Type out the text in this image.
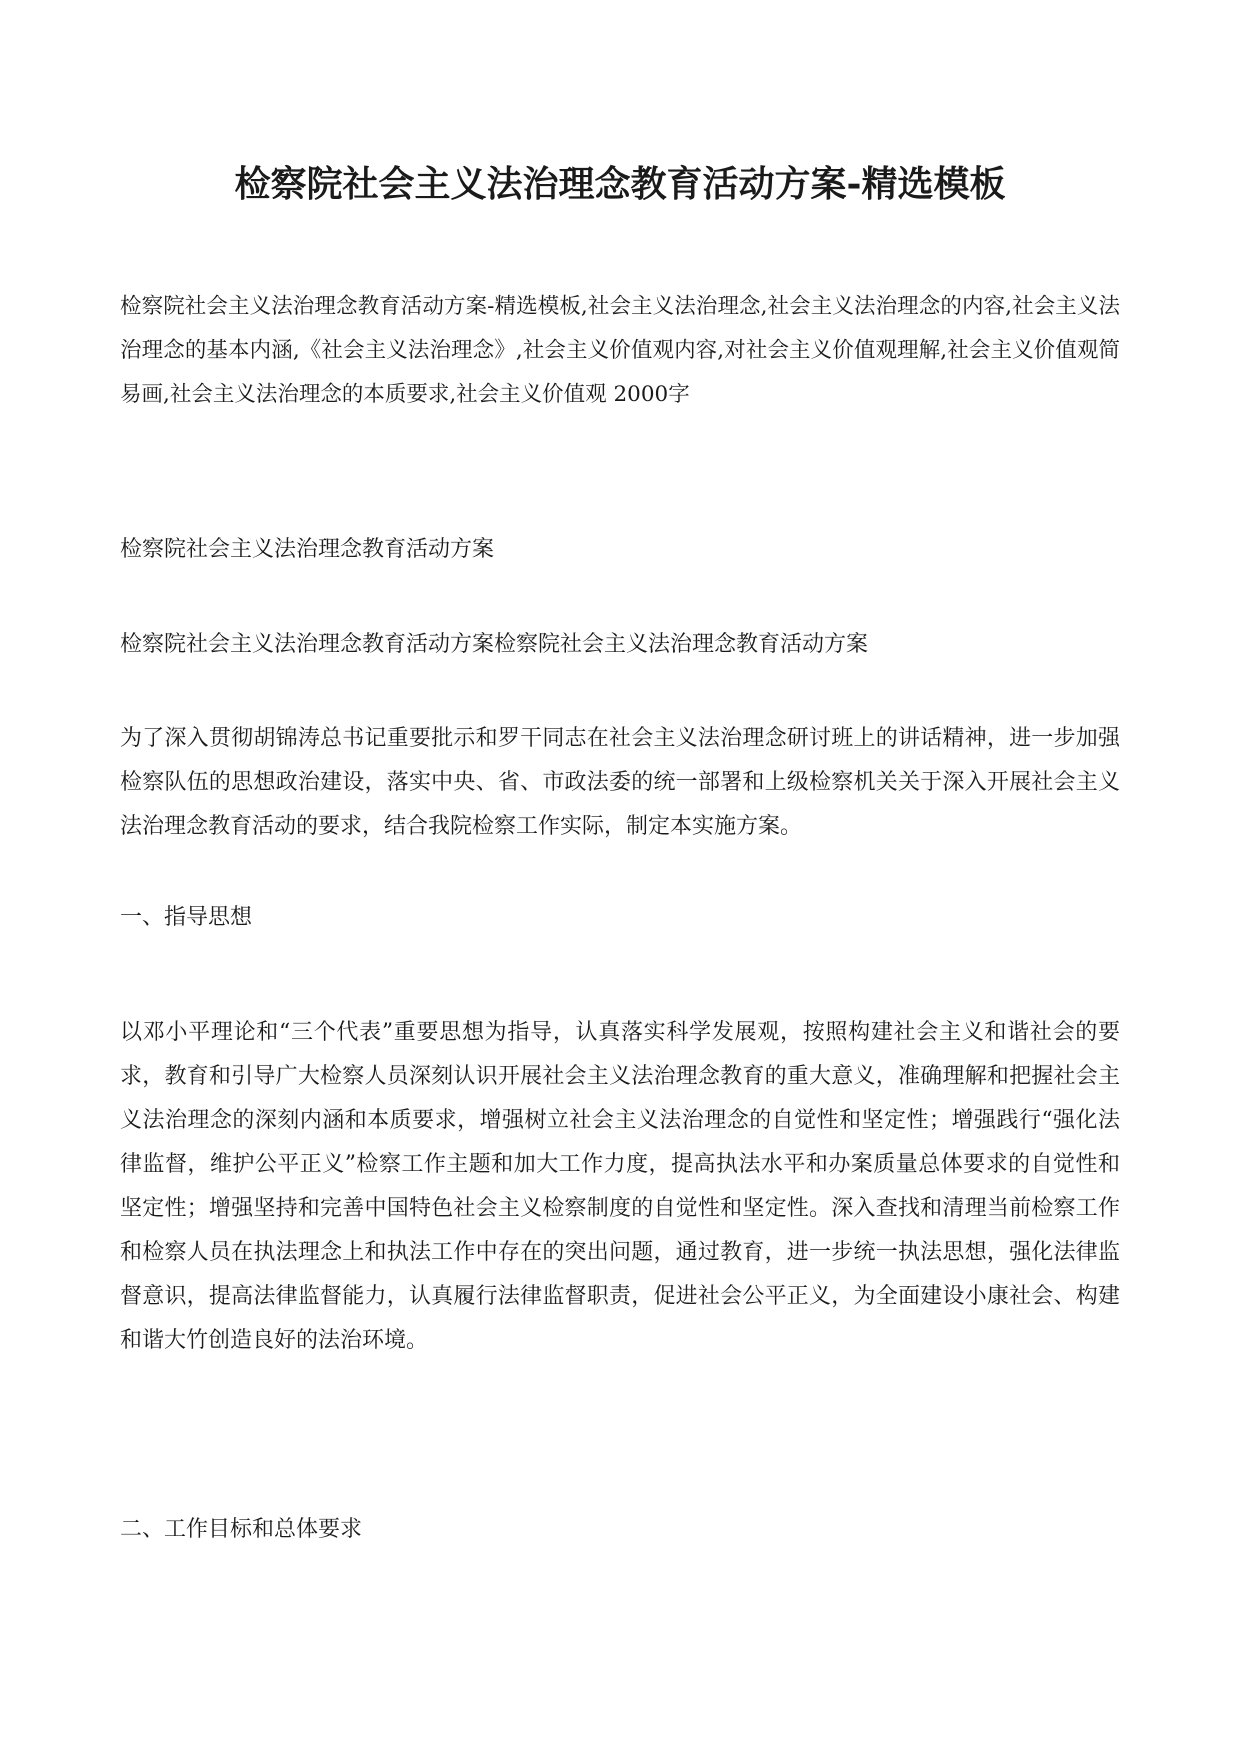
检察院社会主义法治理念教育活动方案-精选模板

检察院社会主义法治理念教育活动方案-精选模板,社会主义法治理念,社会主义法治理念的内容,社会主义法治理念的基本内涵,《社会主义法治理念》,社会主义价值观内容,对社会主义价值观理解,社会主义价值观简易画,社会主义法治理念的本质要求,社会主义价值观 2000字

检察院社会主义法治理念教育活动方案

检察院社会主义法治理念教育活动方案检察院社会主义法治理念教育活动方案

为了深入贯彻胡锦涛总书记重要批示和罗干同志在社会主义法治理念研讨班上的讲话精神，进一步加强检察队伍的思想政治建设，落实中央、省、市政法委的统一部署和上级检察机关关于深入开展社会主义法治理念教育活动的要求，结合我院检察工作实际，制定本实施方案。

一、指导思想

以邓小平理论和“三个代表”重要思想为指导，认真落实科学发展观，按照构建社会主义和谐社会的要求，教育和引导广大检察人员深刻认识开展社会主义法治理念教育的重大意义，准确理解和把握社会主义法治理念的深刻内涵和本质要求，增强树立社会主义法治理念的自觉性和坚定性；增强践行“强化法律监督，维护公平正义”检察工作主题和加大工作力度，提高执法水平和办案质量总体要求的自觉性和坚定性；增强坚持和完善中国特色社会主义检察制度的自觉性和坚定性。深入查找和清理当前检察工作和检察人员在执法理念上和执法工作中存在的突出问题，通过教育，进一步统一执法思想，强化法律监督意识，提高法律监督能力，认真履行法律监督职责，促进社会公平正义，为全面建设小康社会、构建和谐大竹创造良好的法治环境。

二、工作目标和总体要求
